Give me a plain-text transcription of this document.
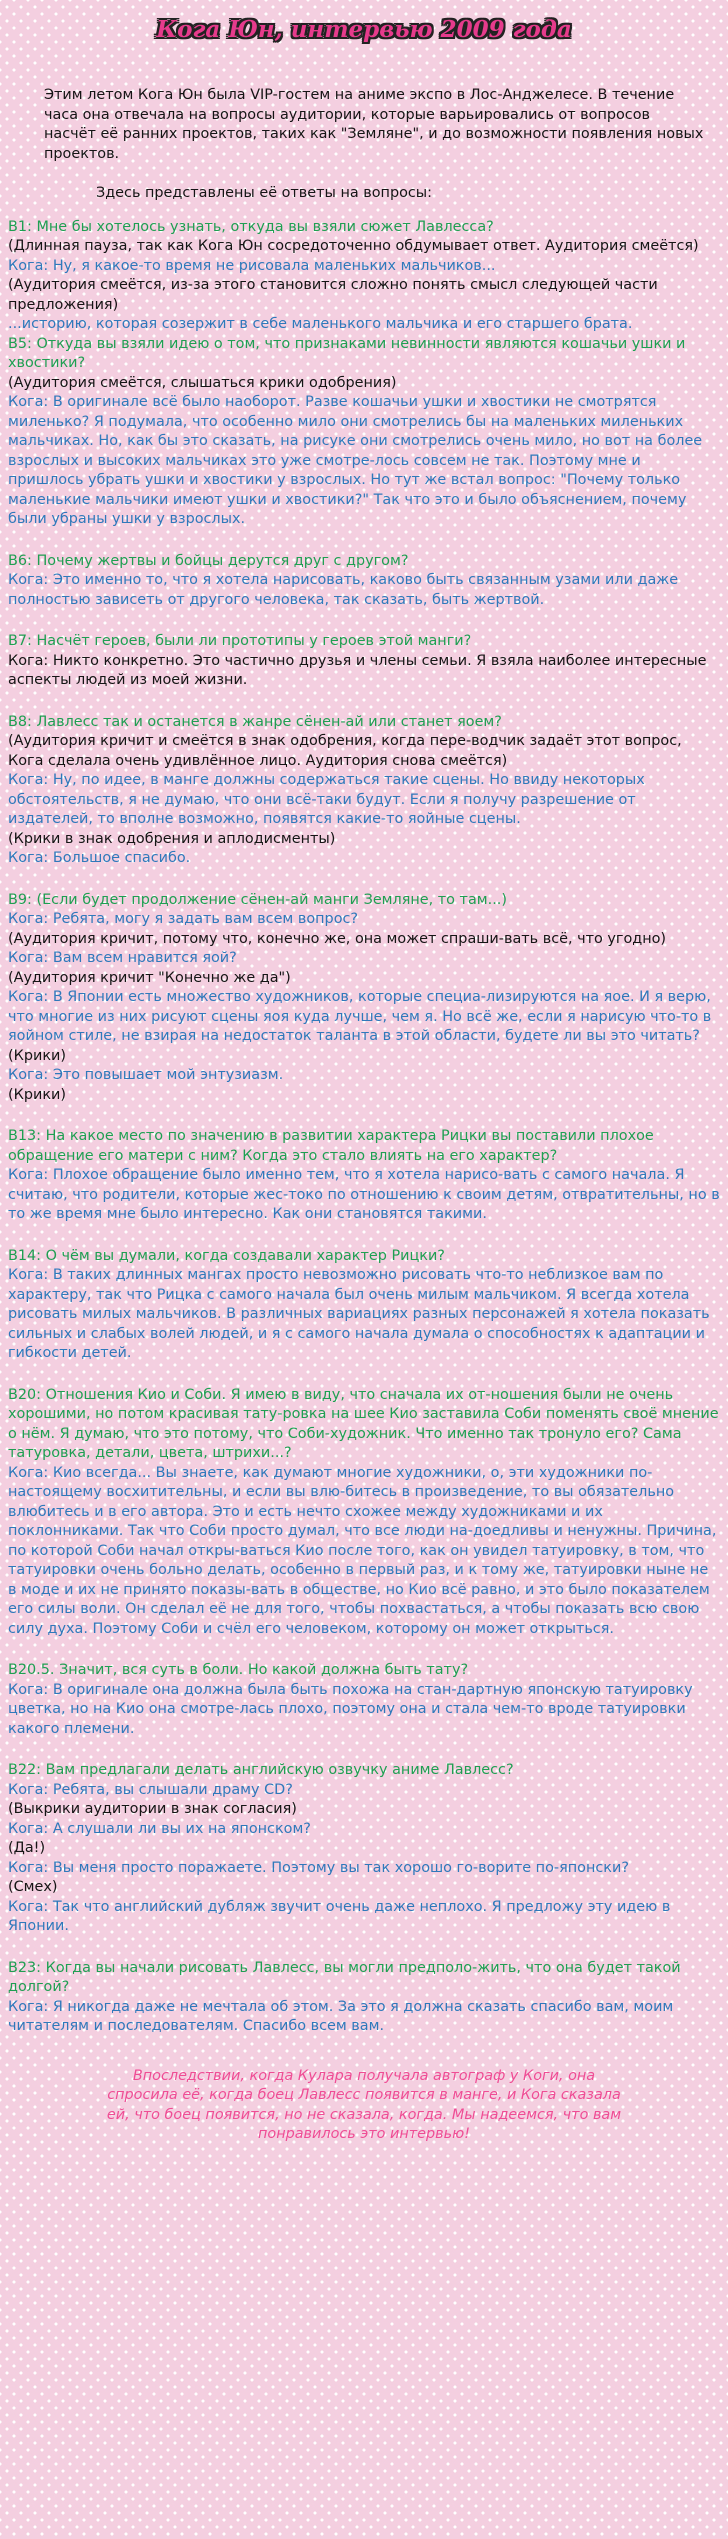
Кога Юн, интервью 2009 года

Этим летом Кога Юн была VIP-гостем на аниме экспо в Лос-Анджелесе. В течение часа она отвечала на вопросы аудитории, которые варьировались от вопросов насчёт её ранних проектов, таких как "Земляне", и до возможности появления новых проектов.

Здесь представлены её ответы на вопросы:

В1: Мне бы хотелось узнать, откуда вы взяли сюжет Лавлесса?
(Длинная пауза, так как Кога Юн сосредоточенно обдумывает ответ. Аудитория смеётся)
Кога: Ну, я какое-то время не рисовала маленьких мальчиков...
(Аудитория смеётся, из-за этого становится сложно понять смысл следующей части предложения)
...историю, которая созержит в себе маленького мальчика и его старшего брата.
В5: Откуда вы взяли идею о том, что признаками невинности являются кошачьи ушки и хвостики?
(Аудитория смеётся, слышаться крики одобрения)
Кога: В оригинале всё было наоборот. Разве кошачьи ушки и хвостики не смотрятся миленько? Я подумала, что особенно мило они смотрелись бы на маленьких миленьких мальчиках. Но, как бы это сказать, на рисуке они смотрелись очень мило, но вот на более взрослых и высоких мальчиках это уже смотре-лось совсем не так. Поэтому мне и пришлось убрать ушки и хвостики у взрослых. Но тут же встал вопрос: "Почему только маленькие мальчики имеют ушки и хвостики?" Так что это и было объяснением, почему были убраны ушки у взрослых.
В6: Почему жертвы и бойцы дерутся друг с другом?
Кога: Это именно то, что я хотела нарисовать, каково быть связанным узами или даже полностью зависеть от другого человека, так сказать, быть жертвой.
В7: Насчёт героев, были ли прототипы у героев этой манги?
Кога: Никто конкретно. Это частично друзья и члены семьи. Я взяла наиболее интересные аспекты людей из моей жизни.
В8: Лавлесс так и останется в жанре сёнен-ай или станет яоем?
(Аудитория кричит и смеётся в знак одобрения, когда пере-водчик задаёт этот вопрос, Кога сделала очень удивлённое лицо. Аудитория снова смеётся)
Кога: Ну, по идее, в манге должны содержаться такие сцены. Но ввиду некоторых обстоятельств, я не думаю, что они всё-таки будут. Если я получу разрешение от издателей, то вполне возможно, появятся какие-то яойные сцены.
(Крики в знак одобрения и аплодисменты)
Кога: Большое спасибо.
В9: (Если будет продолжение сёнен-ай манги Земляне, то там...)
Кога: Ребята, могу я задать вам всем вопрос?
(Аудитория кричит, потому что, конечно же, она может спраши-вать всё, что угодно)
Кога: Вам всем нравится яой?
(Аудитория кричит "Конечно же да")
Кога: В Японии есть множество художников, которые специа-лизируются на яое. И я верю, что многие из них рисуют сцены яоя куда лучше, чем я. Но всё же, если я нарисую что-то в яойном стиле, не взирая на недостаток таланта в этой области, будете ли вы это читать?
(Крики)
Кога: Это повышает мой энтузиазм.
(Крики)
В13: На какое место по значению в развитии характера Рицки вы поставили плохое обращение его матери с ним? Когда это стало влиять на его характер?
Кога: Плохое обращение было именно тем, что я хотела нарисо-вать с самого начала. Я считаю, что родители, которые жес-токо по отношению к своим детям, отвратительны, но в то же время мне было интересно. Как они становятся такими.
В14: О чём вы думали, когда создавали характер Рицки?
Кога: В таких длинных мангах просто невозможно рисовать что-то неблизкое вам по характеру, так что Рицка с самого начала был очень милым мальчиком. Я всегда хотела рисовать милых мальчиков. В различных вариациях разных персонажей я хотела показать сильных и слабых волей людей, и я с самого начала думала о способностях к адаптации и гибкости детей.
В20: Отношения Кио и Соби. Я имею в виду, что сначала их от-ношения были не очень хорошими, но потом красивая тату-ровка на шее Кио заставила Соби поменять своё мнение о нём. Я думаю, что это потому, что Соби-художник. Что именно так тронуло его? Сама татуровка, детали, цвета, штрихи...?
Кога: Кио всегда... Вы знаете, как думают многие художники, о, эти художники по-настоящему восхитительны, и если вы влю-битесь в произведение, то вы обязательно влюбитесь и в его автора. Это и есть нечто схожее между художниками и их поклонниками. Так что Соби просто думал, что все люди на-доедливы и ненужны. Причина, по которой Соби начал откры-ваться Кио после того, как он увидел татуировку, в том, что татуировки очень больно делать, особенно в первый раз, и к тому же, татуировки ныне не в моде и их не принято показы-вать в обществе, но Кио всё равно, и это было показателем его силы воли. Он сделал её не для того, чтобы похвастаться, а чтобы показать всю свою силу духа. Поэтому Соби и счёл его человеком, которому он может открыться.
В20.5. Значит, вся суть в боли. Но какой должна быть тату?
Кога: В оригинале она должна была быть похожа на стан-дартную японскую татуировку цветка, но на Кио она смотре-лась плохо, поэтому она и стала чем-то вроде татуировки какого племени.
В22: Вам предлагали делать английскую озвучку аниме Лавлесс?
Кога: Ребята, вы слышали драму CD?
(Выкрики аудитории в знак согласия)
Кога: А слушали ли вы их на японском?
(Да!)
Кога: Вы меня просто поражаете. Поэтому вы так хорошо го-ворите по-японски?
(Смех)
Кога: Так что английский дубляж звучит очень даже неплохо. Я предложу эту идею в Японии.
В23: Когда вы начали рисовать Лавлесс, вы могли предполо-жить, что она будет такой долгой?
Кога: Я никогда даже не мечтала об этом. За это я должна сказать спасибо вам, моим читателям и последователям. Спасибо всем вам.

Впоследствии, когда Кулара получала автограф у Коги, она спросила её, когда боец Лавлесс появится в манге, и Кога сказала ей, что боец появится, но не сказала, когда. Мы надеемся, что вам понравилось это интервью!
